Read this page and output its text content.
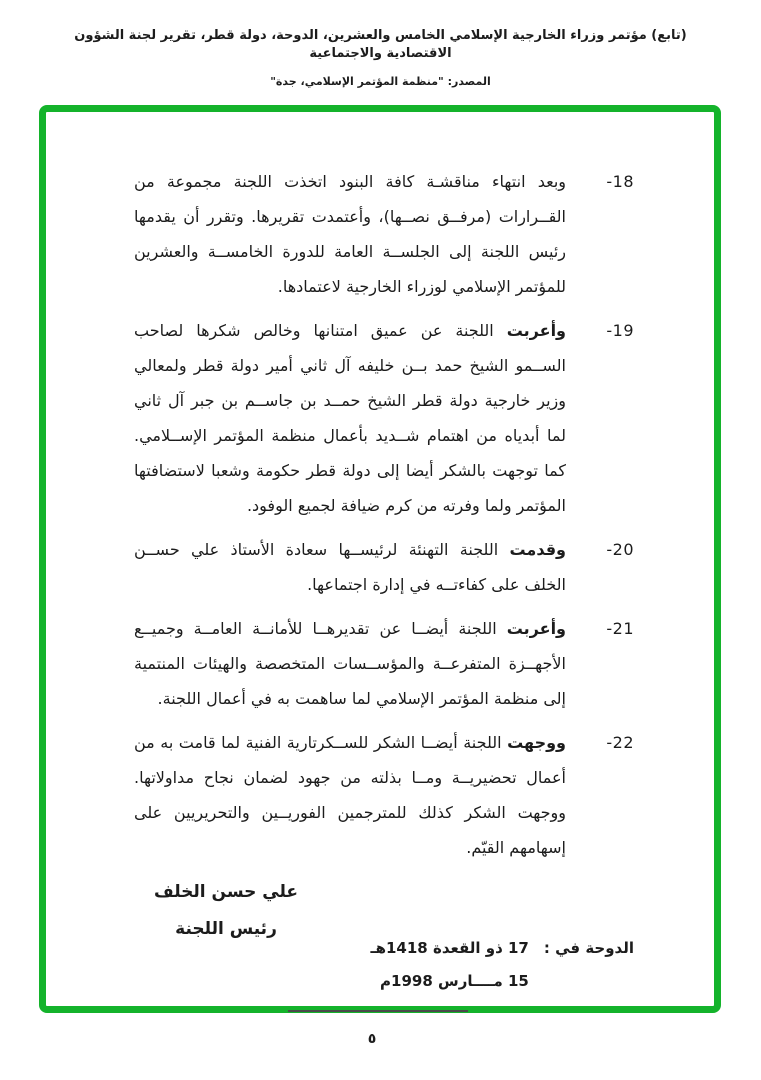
(تابع) مؤتمر وزراء الخارجية الإسلامي الخامس والعشرين، الدوحة، دولة قطر، تقرير لجنة الشؤون الاقتصادية والاجتماعية
المصدر: "منظمة المؤتمر الإسلامي، جدة"
-18
وبعد انتهاء مناقشـة كافة البنود اتخذت اللجنة مجموعة من القــرارات (مرفــق نصــها)، وأعتمدت تقريرها. وتقرر أن يقدمها رئيس اللجنة إلى الجلســة العامة للدورة الخامســة والعشرين للمؤتمر الإسلامي لوزراء الخارجية لاعتمادها.
-19
وأعربت اللجنة عن عميق امتنانها وخالص شكرها لصاحب الســمو الشيخ حمد بــن خليفه آل ثاني أمير دولة قطر ولمعالي وزير خارجية دولة قطر الشيخ حمــد بن جاســم بن جبر آل ثاني لما أبدياه من اهتمام شــديد بأعمال منظمة المؤتمر الإســلامي. كما توجهت بالشكر أيضا إلى دولة قطر حكومة وشعبا لاستضافتها المؤتمر ولما وفرته من كرم ضيافة لجميع الوفود.
-20
وقدمت اللجنة التهنئة لرئيســها سعادة الأستاذ علي حســن الخلف على كفاءتــه في إدارة اجتماعها.
-21
وأعربت اللجنة أيضــا عن تقديرهــا للأمانــة العامــة وجميــع الأجهــزة المتفرعــة والمؤســسات المتخصصة والهيئات المنتمية إلى منظمة المؤتمر الإسلامي لما ساهمت به في أعمال اللجنة.
-22
ووجهت اللجنة أيضــا الشكر للســكرتارية الفنية لما قامت به من أعمال تحضيريــة ومــا بذلته من جهود لضمان نجاح مداولاتها. ووجهت الشكر كذلك للمترجمين الفوريــين والتحريريين على إسهامهم القيّم.
علي حسن الخلف
رئيس اللجنة
الدوحة في :
17 ذو القعدة 1418هـ
15 مــــارس 1998م
٥
